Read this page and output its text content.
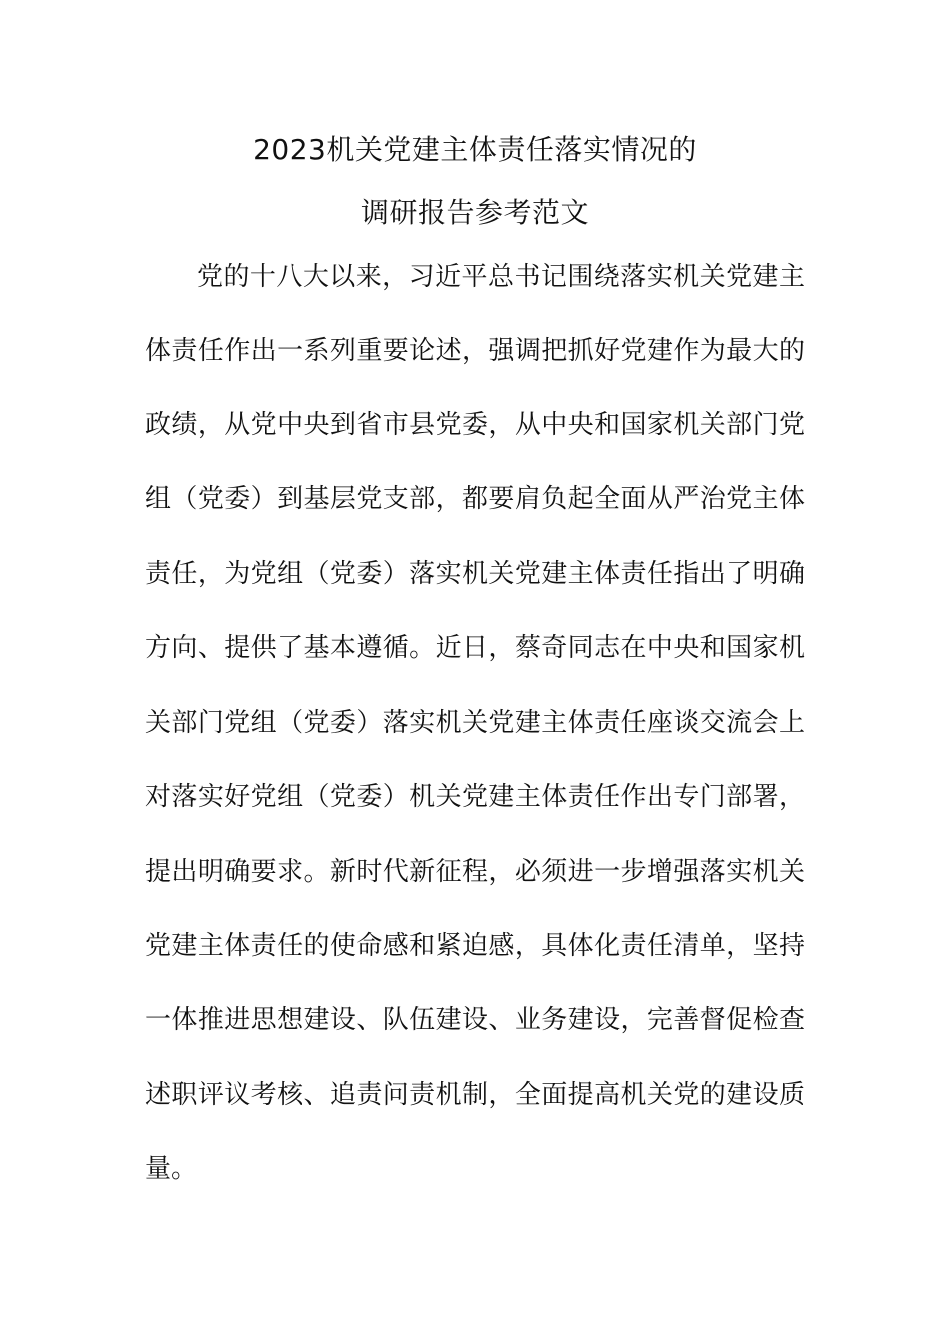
2023机关党建主体责任落实情况的
调研报告参考范文
党的十八大以来，习近平总书记围绕落实机关党建主
体责任作出一系列重要论述，强调把抓好党建作为最大的
政绩，从党中央到省市县党委，从中央和国家机关部门党
组（党委）到基层党支部，都要肩负起全面从严治党主体
责任，为党组（党委）落实机关党建主体责任指出了明确
方向、提供了基本遵循。近日，蔡奇同志在中央和国家机
关部门党组（党委）落实机关党建主体责任座谈交流会上
对落实好党组（党委）机关党建主体责任作出专门部署，
提出明确要求。新时代新征程，必须进一步增强落实机关
党建主体责任的使命感和紧迫感，具体化责任清单，坚持
一体推进思想建设、队伍建设、业务建设，完善督促检查
述职评议考核、追责问责机制，全面提高机关党的建设质
量。
